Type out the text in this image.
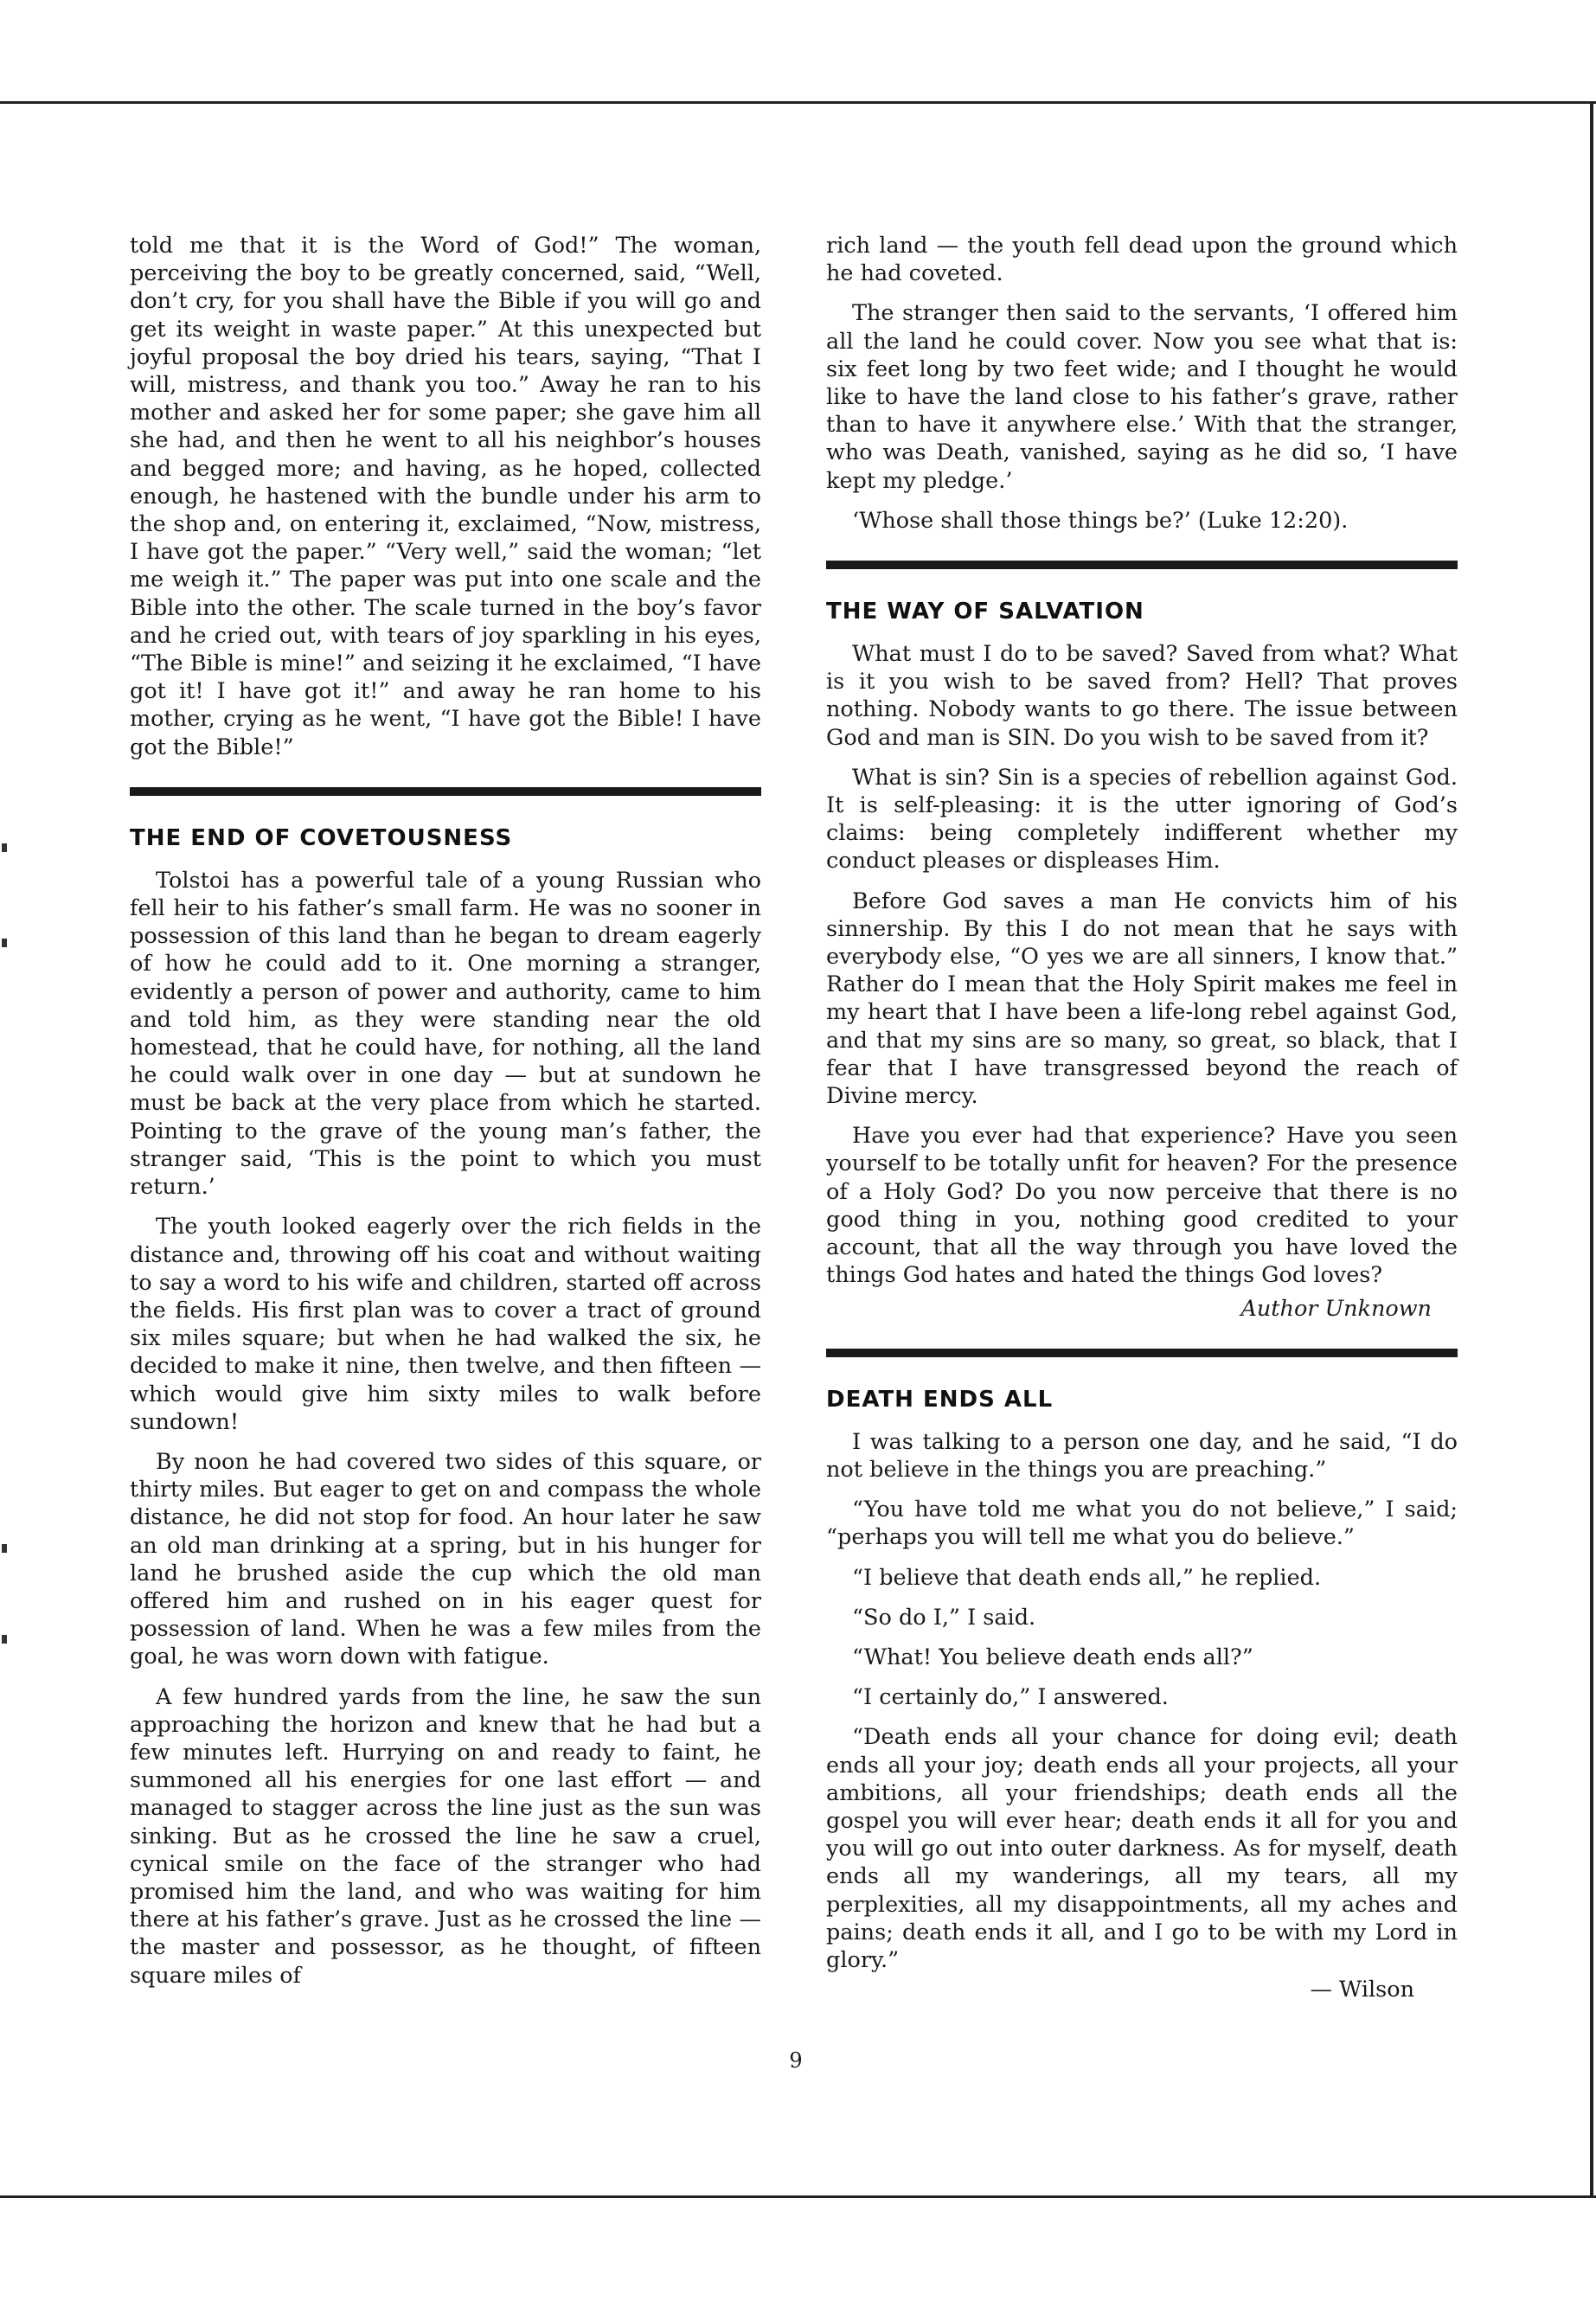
told me that it is the Word of God!” The woman, perceiving the boy to be greatly concerned, said, “Well, don’t cry, for you shall have the Bible if you will go and get its weight in waste paper.” At this unexpected but joyful proposal the boy dried his tears, saying, “That I will, mistress, and thank you too.” Away he ran to his mother and asked her for some paper; she gave him all she had, and then he went to all his neighbor’s houses and begged more; and having, as he hoped, collected enough, he hastened with the bundle under his arm to the shop and, on entering it, exclaimed, “Now, mistress, I have got the paper.” “Very well,” said the woman; “let me weigh it.” The paper was put into one scale and the Bible into the other. The scale turned in the boy’s favor and he cried out, with tears of joy sparkling in his eyes, “The Bible is mine!” and seizing it he exclaimed, “I have got it! I have got it!” and away he ran home to his mother, crying as he went, “I have got the Bible! I have got the Bible!”

THE END OF COVETOUSNESS

Tolstoi has a powerful tale of a young Russian who fell heir to his father’s small farm. He was no sooner in possession of this land than he began to dream eagerly of how he could add to it. One morning a stranger, evidently a person of power and authority, came to him and told him, as they were standing near the old homestead, that he could have, for nothing, all the land he could walk over in one day — but at sundown he must be back at the very place from which he started. Pointing to the grave of the young man’s father, the stranger said, ‘This is the point to which you must return.’

The youth looked eagerly over the rich fields in the distance and, throwing off his coat and without waiting to say a word to his wife and children, started off across the fields. His first plan was to cover a tract of ground six miles square; but when he had walked the six, he decided to make it nine, then twelve, and then fifteen — which would give him sixty miles to walk before sundown!

By noon he had covered two sides of this square, or thirty miles. But eager to get on and compass the whole distance, he did not stop for food. An hour later he saw an old man drinking at a spring, but in his hunger for land he brushed aside the cup which the old man offered him and rushed on in his eager quest for possession of land. When he was a few miles from the goal, he was worn down with fatigue.

A few hundred yards from the line, he saw the sun approaching the horizon and knew that he had but a few minutes left. Hurrying on and ready to faint, he summoned all his energies for one last effort — and managed to stagger across the line just as the sun was sinking. But as he crossed the line he saw a cruel, cynical smile on the face of the stranger who had promised him the land, and who was waiting for him there at his father’s grave. Just as he crossed the line — the master and possessor, as he thought, of fifteen square miles of

rich land — the youth fell dead upon the ground which he had coveted.

The stranger then said to the servants, ‘I offered him all the land he could cover. Now you see what that is: six feet long by two feet wide; and I thought he would like to have the land close to his father’s grave, rather than to have it anywhere else.’ With that the stranger, who was Death, vanished, saying as he did so, ‘I have kept my pledge.’

‘Whose shall those things be?’ (Luke 12:20).

THE WAY OF SALVATION

What must I do to be saved? Saved from what? What is it you wish to be saved from? Hell? That proves nothing. Nobody wants to go there. The issue between God and man is SIN. Do you wish to be saved from it?

What is sin? Sin is a species of rebellion against God. It is self-pleasing: it is the utter ignoring of God’s claims: being completely indifferent whether my conduct pleases or displeases Him.

Before God saves a man He convicts him of his sinnership. By this I do not mean that he says with everybody else, “O yes we are all sinners, I know that.” Rather do I mean that the Holy Spirit makes me feel in my heart that I have been a life-long rebel against God, and that my sins are so many, so great, so black, that I fear that I have transgressed beyond the reach of Divine mercy.

Have you ever had that experience? Have you seen yourself to be totally unfit for heaven? For the presence of a Holy God? Do you now perceive that there is no good thing in you, nothing good credited to your account, that all the way through you have loved the things God hates and hated the things God loves?

Author Unknown
DEATH ENDS ALL

I was talking to a person one day, and he said, “I do not believe in the things you are preaching.”

“You have told me what you do not believe,” I said; “perhaps you will tell me what you do believe.”

“I believe that death ends all,” he replied.

“So do I,” I said.

“What! You believe death ends all?”

“I certainly do,” I answered.

“Death ends all your chance for doing evil; death ends all your joy; death ends all your projects, all your ambitions, all your friendships; death ends all the gospel you will ever hear; death ends it all for you and you will go out into outer darkness. As for myself, death ends all my wanderings, all my tears, all my perplexities, all my disappointments, all my aches and pains; death ends it all, and I go to be with my Lord in glory.”

— Wilson
9
